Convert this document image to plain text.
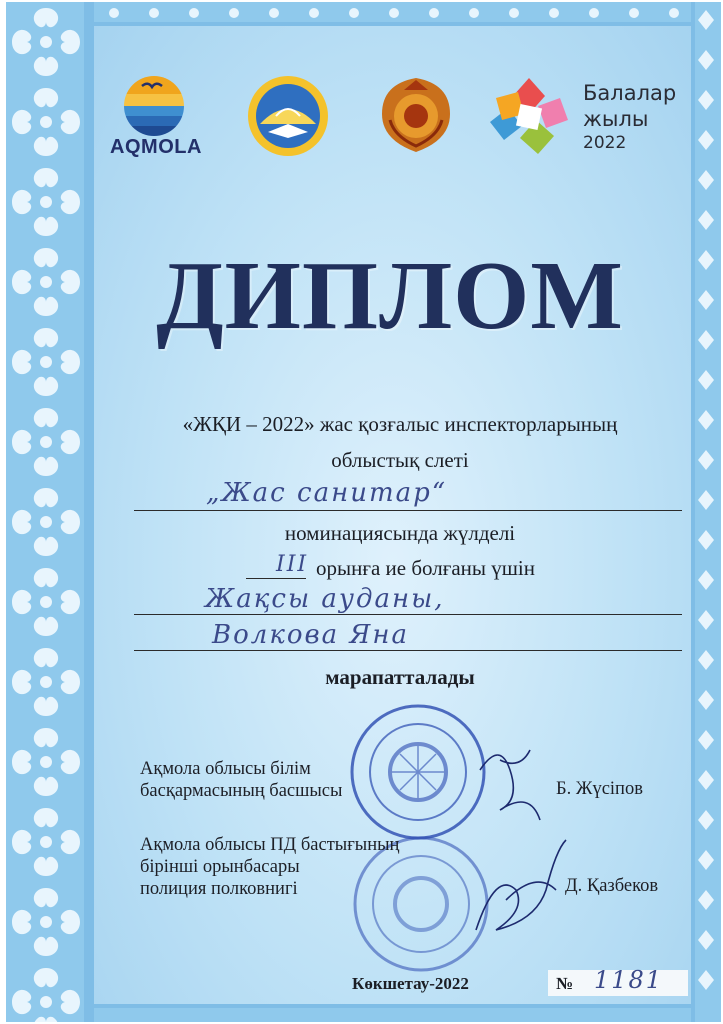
AQMOLA
Балалар
жылы
2022
ДИПЛОМ
«ЖҚИ – 2022» жас қозғалыс инспекторларының
облыстық слеті
„Жас санитар“
номинациясында жүлделі
III орынға ие болғаны үшін
Жақсы ауданы,
Волкова Яна
марапатталады
Ақмола облысы білім
басқармасының басшысы	Б. Жүсіпов
Ақмола облысы ПД бастығының
бірінші орынбасары
полиция полковнигі	Д. Қазбеков
Көкшетау-2022	№ 1181
